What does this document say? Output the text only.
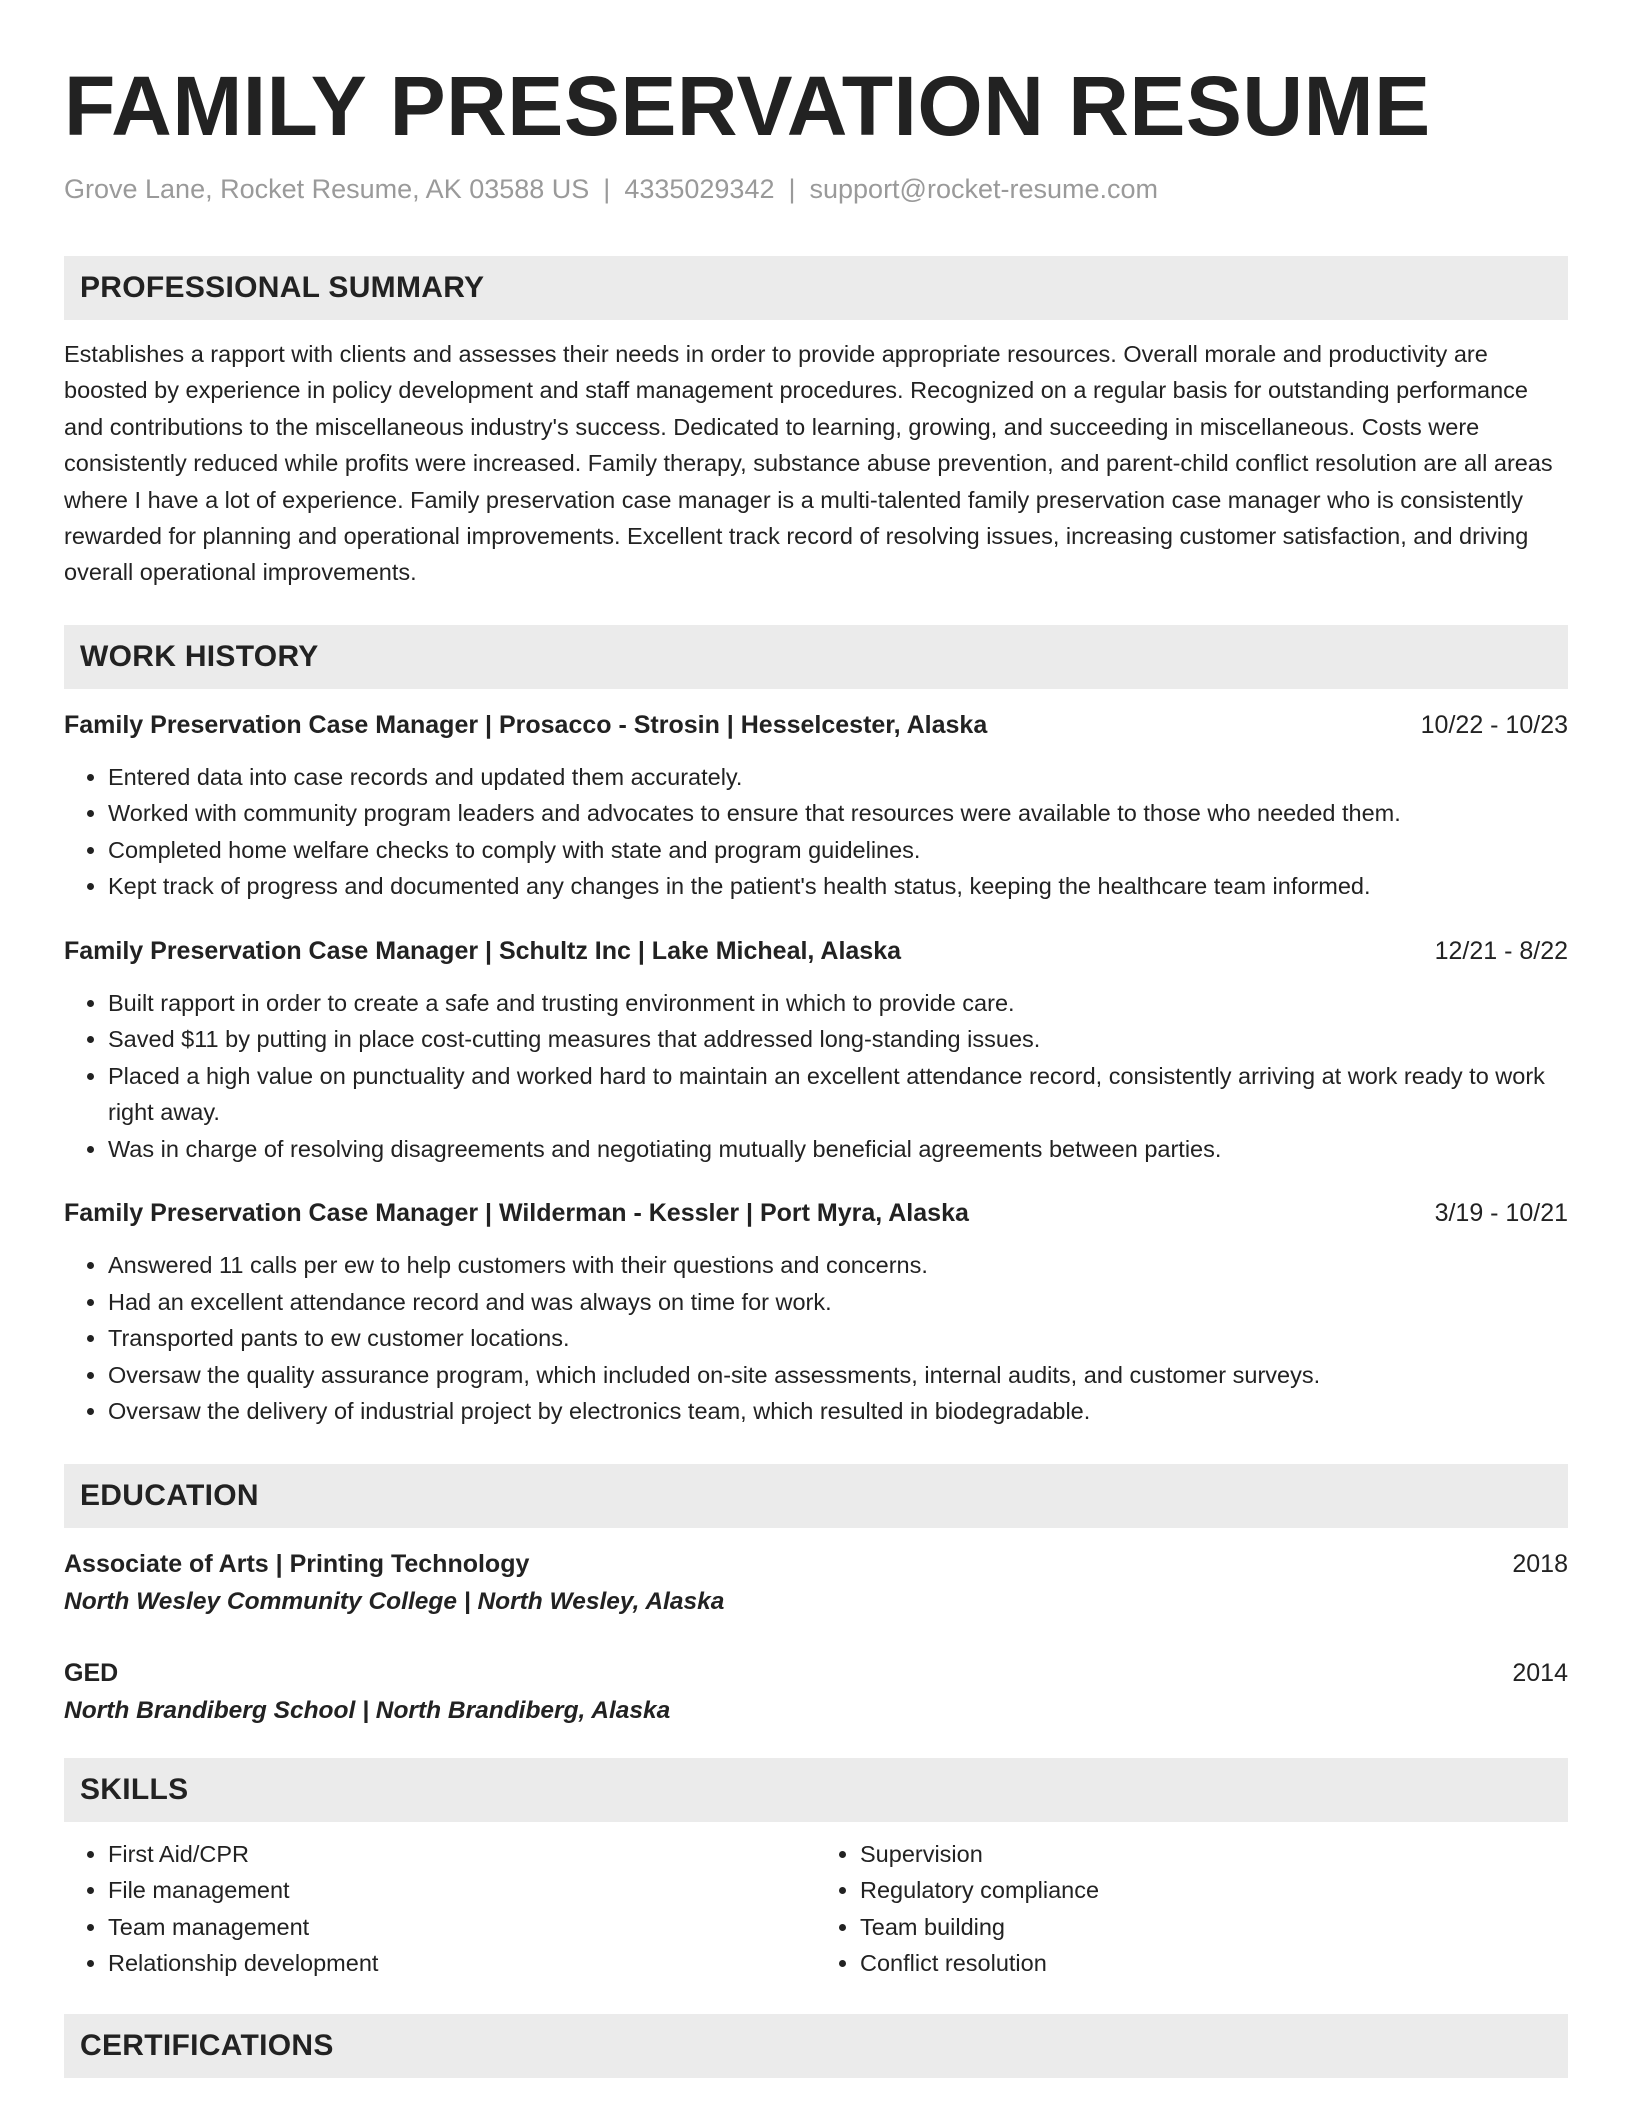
FAMILY PRESERVATION RESUME
Grove Lane, Rocket Resume, AK 03588 US | 4335029342 | support@rocket-resume.com
PROFESSIONAL SUMMARY
Establishes a rapport with clients and assesses their needs in order to provide appropriate resources. Overall morale and productivity are boosted by experience in policy development and staff management procedures. Recognized on a regular basis for outstanding performance and contributions to the miscellaneous industry's success. Dedicated to learning, growing, and succeeding in miscellaneous. Costs were consistently reduced while profits were increased. Family therapy, substance abuse prevention, and parent-child conflict resolution are all areas where I have a lot of experience. Family preservation case manager is a multi-talented family preservation case manager who is consistently rewarded for planning and operational improvements. Excellent track record of resolving issues, increasing customer satisfaction, and driving overall operational improvements.
WORK HISTORY
Family Preservation Case Manager | Prosacco - Strosin | Hesselcester, Alaska	10/22 - 10/23
• Entered data into case records and updated them accurately.
• Worked with community program leaders and advocates to ensure that resources were available to those who needed them.
• Completed home welfare checks to comply with state and program guidelines.
• Kept track of progress and documented any changes in the patient's health status, keeping the healthcare team informed.
Family Preservation Case Manager | Schultz Inc | Lake Micheal, Alaska	12/21 - 8/22
• Built rapport in order to create a safe and trusting environment in which to provide care.
• Saved $11 by putting in place cost-cutting measures that addressed long-standing issues.
• Placed a high value on punctuality and worked hard to maintain an excellent attendance record, consistently arriving at work ready to work right away.
• Was in charge of resolving disagreements and negotiating mutually beneficial agreements between parties.
Family Preservation Case Manager | Wilderman - Kessler | Port Myra, Alaska	3/19 - 10/21
• Answered 11 calls per ew to help customers with their questions and concerns.
• Had an excellent attendance record and was always on time for work.
• Transported pants to ew customer locations.
• Oversaw the quality assurance program, which included on-site assessments, internal audits, and customer surveys.
• Oversaw the delivery of industrial project by electronics team, which resulted in biodegradable.
EDUCATION
Associate of Arts | Printing Technology	2018
North Wesley Community College | North Wesley, Alaska
GED	2014
North Brandiberg School | North Brandiberg, Alaska
SKILLS
• First Aid/CPR
• File management
• Team management
• Relationship development
• Supervision
• Regulatory compliance
• Team building
• Conflict resolution
CERTIFICATIONS
